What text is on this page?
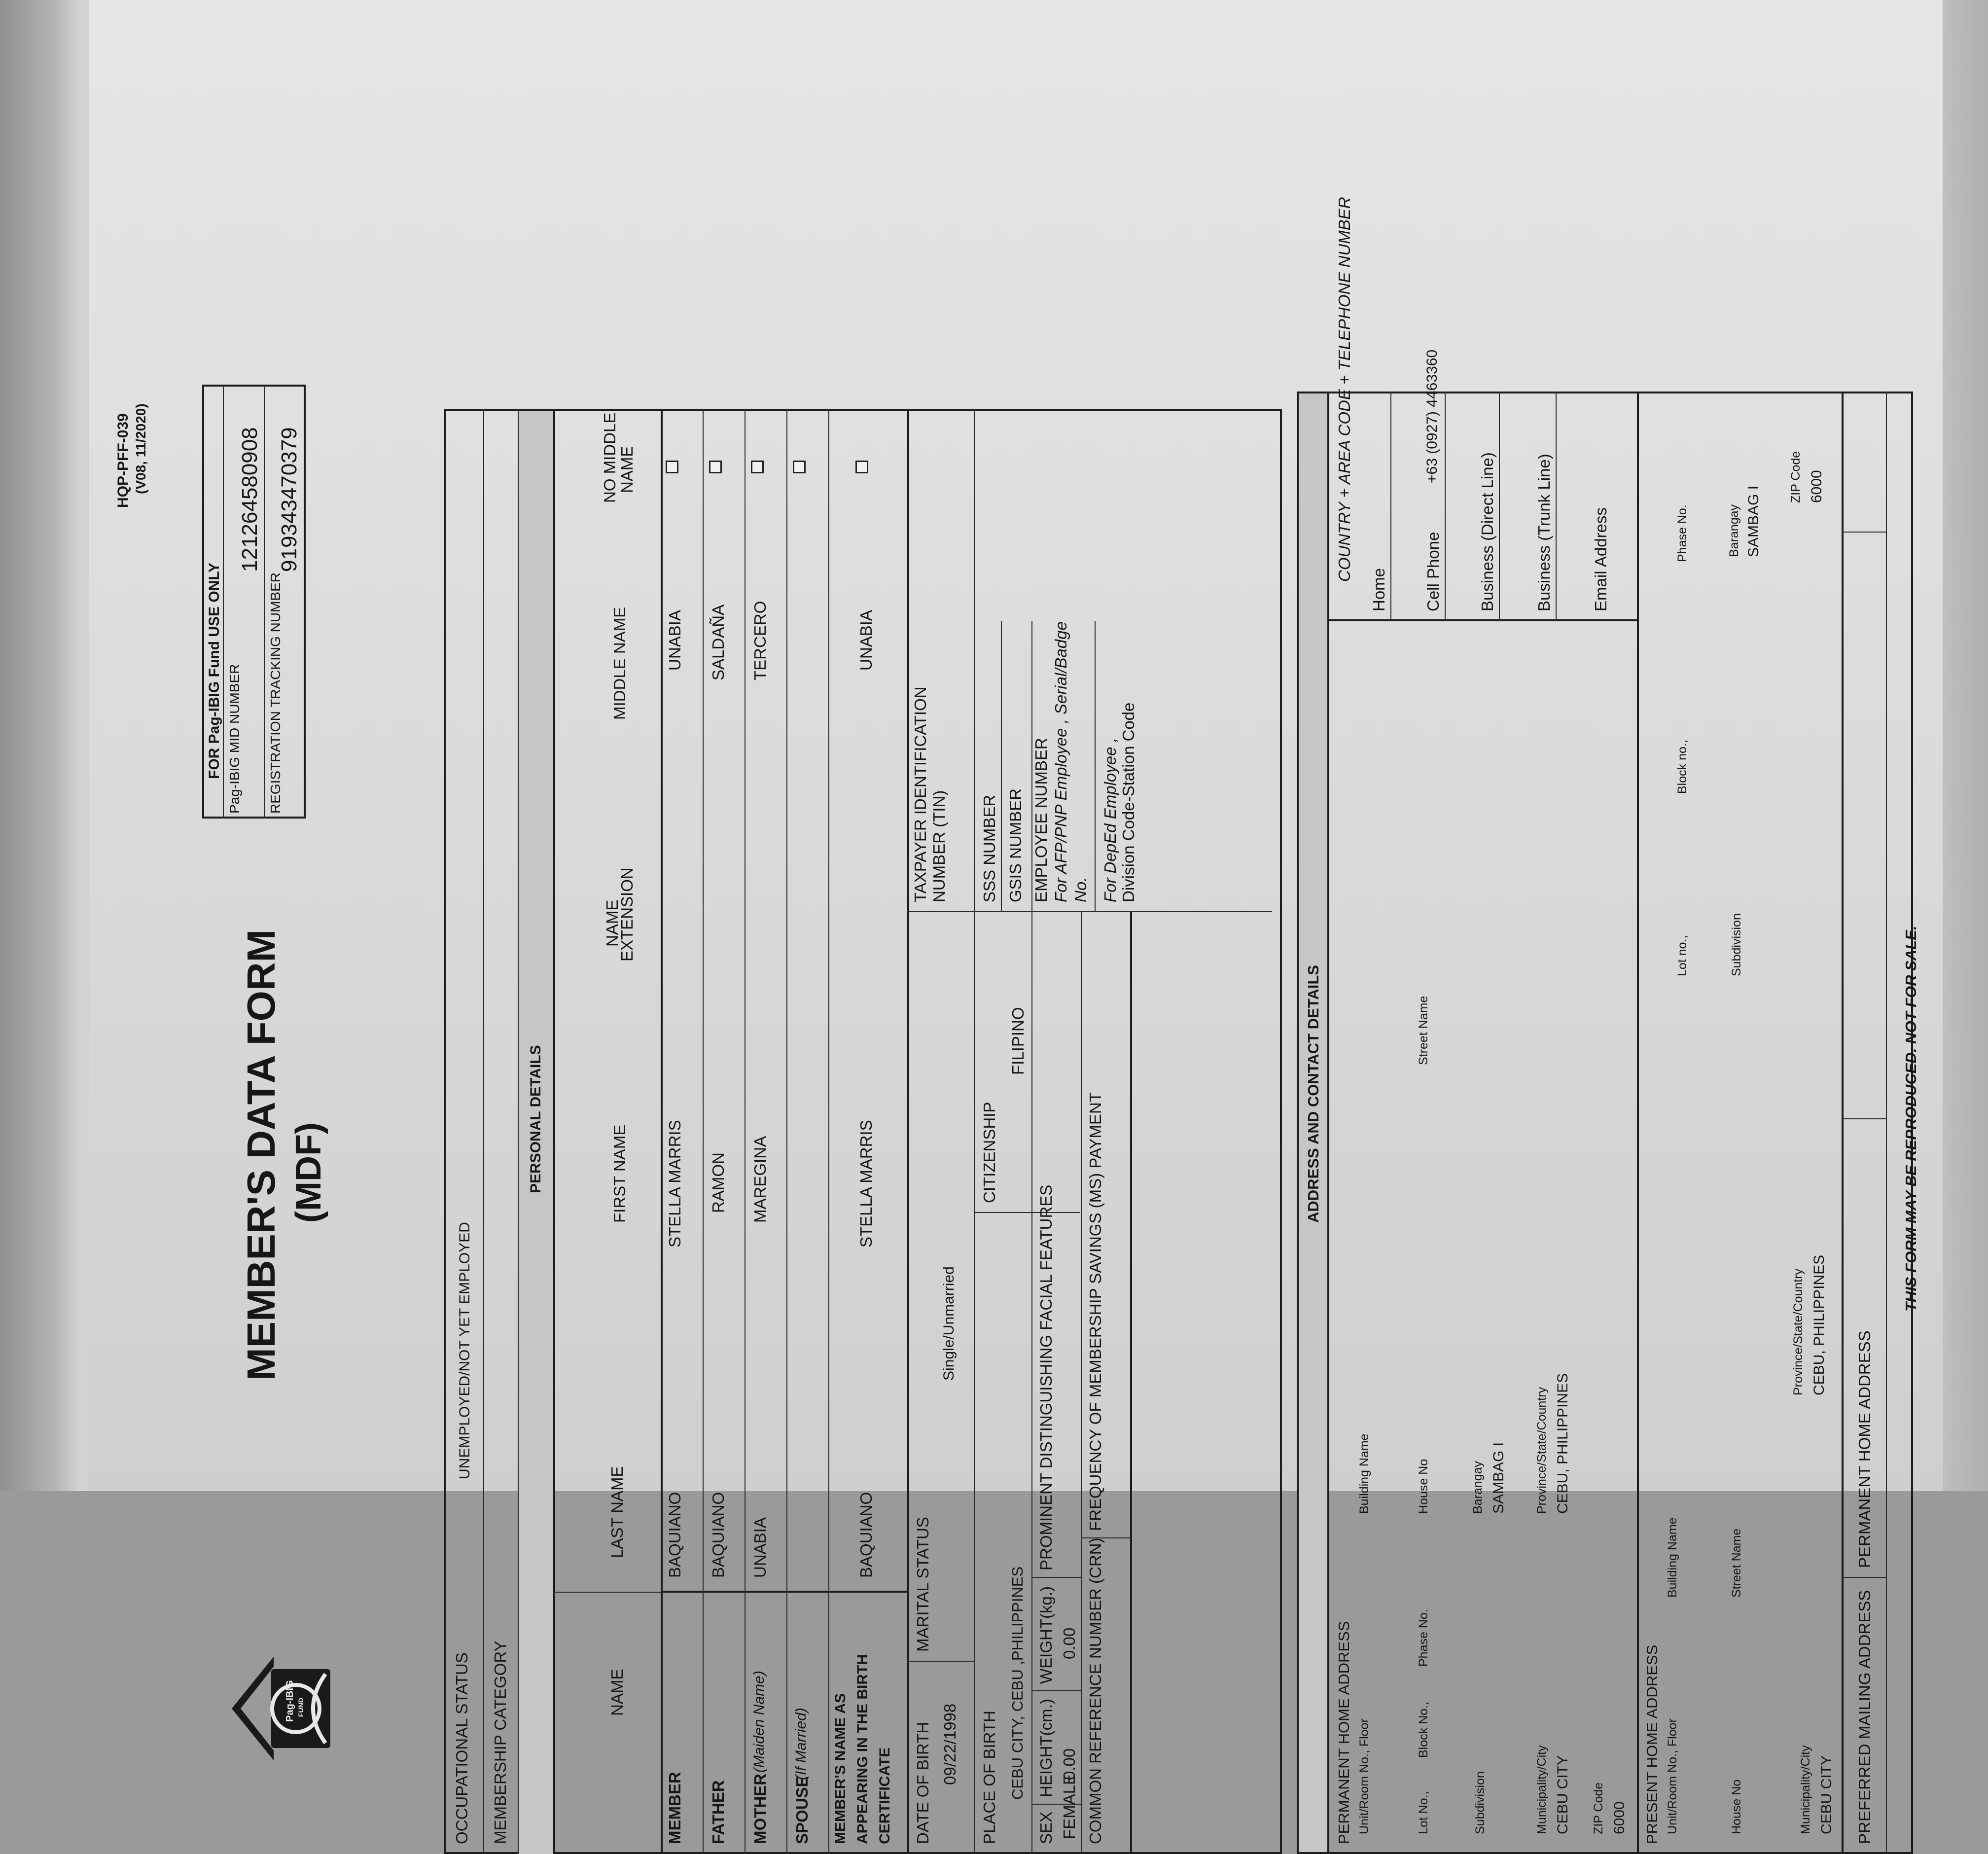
HQP-PFF-039 (V08, 11/2020)
Pag-IBIG FUND
MEMBER'S DATA FORM (MDF)
FOR Pag-IBIG Fund USE ONLY Pag-IBIG MID NUMBER
121264580908
REGISTRATION TRACKING NUMBER
919343470379
OCCUPATIONAL STATUS
UNEMPLOYED/NOT YET EMPLOYED
MEMBERSHIP CATEGORY
PERSONAL DETAILS
NAME
LAST NAME
FIRST NAME
NAME
EXTENSION
MIDDLE NAME
NO MIDDLE
NAME
MEMBER
BAQUIANO
STELLA MARRIS
UNABIA
FATHER
BAQUIANO
RAMON
SALDAÑA
MOTHER
(Maiden Name)
UNABIA
MAREGINA
TERCERO
SPOUSE
(If Married) MEMBER'S NAME AS APPEARING IN THE BIRTH CERTIFICATE
BAQUIANO
STELLA MARRIS
UNABIA
DATE OF BIRTH 09/22/1998
MARITAL STATUS
Single/Unmarried
TAXPAYER IDENTIFICATION NUMBER (TIN)
PLACE OF BIRTH CEBU CITY, CEBU ,PHILIPPINES
CITIZENSHIP
FILIPINO
SSS NUMBER GSIS NUMBER
SEX FEMALE
HEIGHT(cm.) 0.00
WEIGHT(kg.) 0.00
PROMINENT DISTINGUISHING FACIAL FEATURES
EMPLOYEE NUMBER For AFP/PNP Employee , Serial/Badge No.
COMMON REFERENCE NUMBER (CRN)
FREQUENCY OF MEMBERSHIP SAVINGS (MS) PAYMENT
For DepEd Employee , Division Code-Station Code
ADDRESS AND CONTACT DETAILS
PERMANENT HOME ADDRESS Unit/Room No., Floor
Building Name
Lot No.,
Block No.,
Phase No.
House No
Street Name
Subdivision
Barangay SAMBAG I
Municipality/City CEBU CITY
Province/State/Country CEBU, PHILIPPINES
ZIP Code 6000
COUNTRY + AREA CODE + TELEPHONE NUMBER
Home Cell Phone
+63 (0927) 4463360
Business (Direct Line) Business (Trunk Line) Email Address
PRESENT HOME ADDRESS Unit/Room No., Floor
Building Name
Lot no.,
Block no.,
Phase No.
House No
Street Name
Subdivision
Barangay SAMBAG I
Municipality/City CEBU CITY
Province/State/Country CEBU, PHILIPPINES
ZIP Code 6000
PREFERRED MAILING ADDRESS
PERMANENT HOME ADDRESS
THIS FORM MAY BE REPRODUCED. NOT FOR SALE.
